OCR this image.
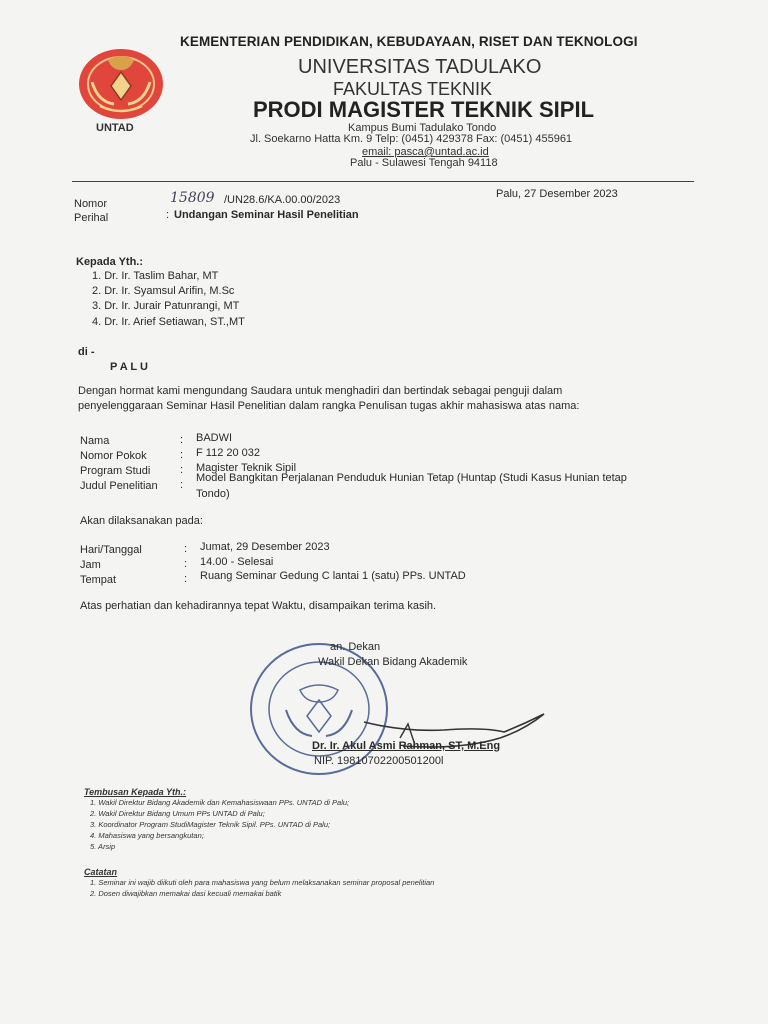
UNTAD
KEMENTERIAN PENDIDIKAN, KEBUDAYAAN, RISET DAN TEKNOLOGI
UNIVERSITAS TADULAKO
FAKULTAS TEKNIK
PRODI MAGISTER TEKNIK SIPIL
Kampus Bumi Tadulako Tondo
Jl. Soekarno Hatta Km. 9 Telp: (0451) 429378 Fax: (0451) 455961
email: pasca@untad.ac.id
Palu - Sulawesi Tengah 94118
Nomor	15809 /UN28.6/KA.00.00/2023	Palu, 27 Desember 2023
Perihal	: Undangan Seminar Hasil Penelitian
Kepada Yth.:
1. Dr. Ir. Taslim Bahar, MT
2. Dr. Ir. Syamsul Arifin, M.Sc
3. Dr. Ir. Jurair Patunrangi, MT
4. Dr. Ir. Arief Setiawan, ST.,MT
di -
P A L U
Dengan hormat kami mengundang Saudara untuk menghadiri dan bertindak sebagai penguji dalam
penyelenggaraan Seminar Hasil Penelitian dalam rangka Penulisan tugas akhir mahasiswa atas nama:
Nama	: BADWI
Nomor Pokok	: F 112 20 032
Program Studi	: Magister Teknik Sipil
Judul Penelitian :
Model Bangkitan Perjalanan Penduduk Hunian Tetap (Huntap (Studi Kasus Hunian tetap
Tondo)
Akan dilaksanakan pada:
Hari/Tanggal	: Jumat, 29 Desember 2023
Jam	: 14.00 - Selesai
Tempat	: Ruang Seminar Gedung C lantai 1 (satu) PPs. UNTAD
Atas perhatian dan kehadirannya tepat Waktu, disampaikan terima kasih.
an. Dekan
Wakil Dekan Bidang Akademik
Dr. Ir. Akul Asmi Rahman, ST, M.Eng
NIP. 19810702200501200l
Tembusan Kepada Yth.:
1. Wakil Direktur Bidang Akademik dan Kemahasiswaan PPs. UNTAD di Palu;
2. Wakil Direktur Bidang Umum PPs UNTAD di Palu;
3. Koordinator Program StudiMagister Teknik Sipil. PPs. UNTAD di Palu;
4. Mahasiswa yang bersangkutan;
5. Arsip
Catatan
1. Seminar ini wajib diikuti oleh para mahasiswa yang belum melaksanakan seminar proposal penelitian
2. Dosen diwajibkan memakai dasi kecuali memakai batik
